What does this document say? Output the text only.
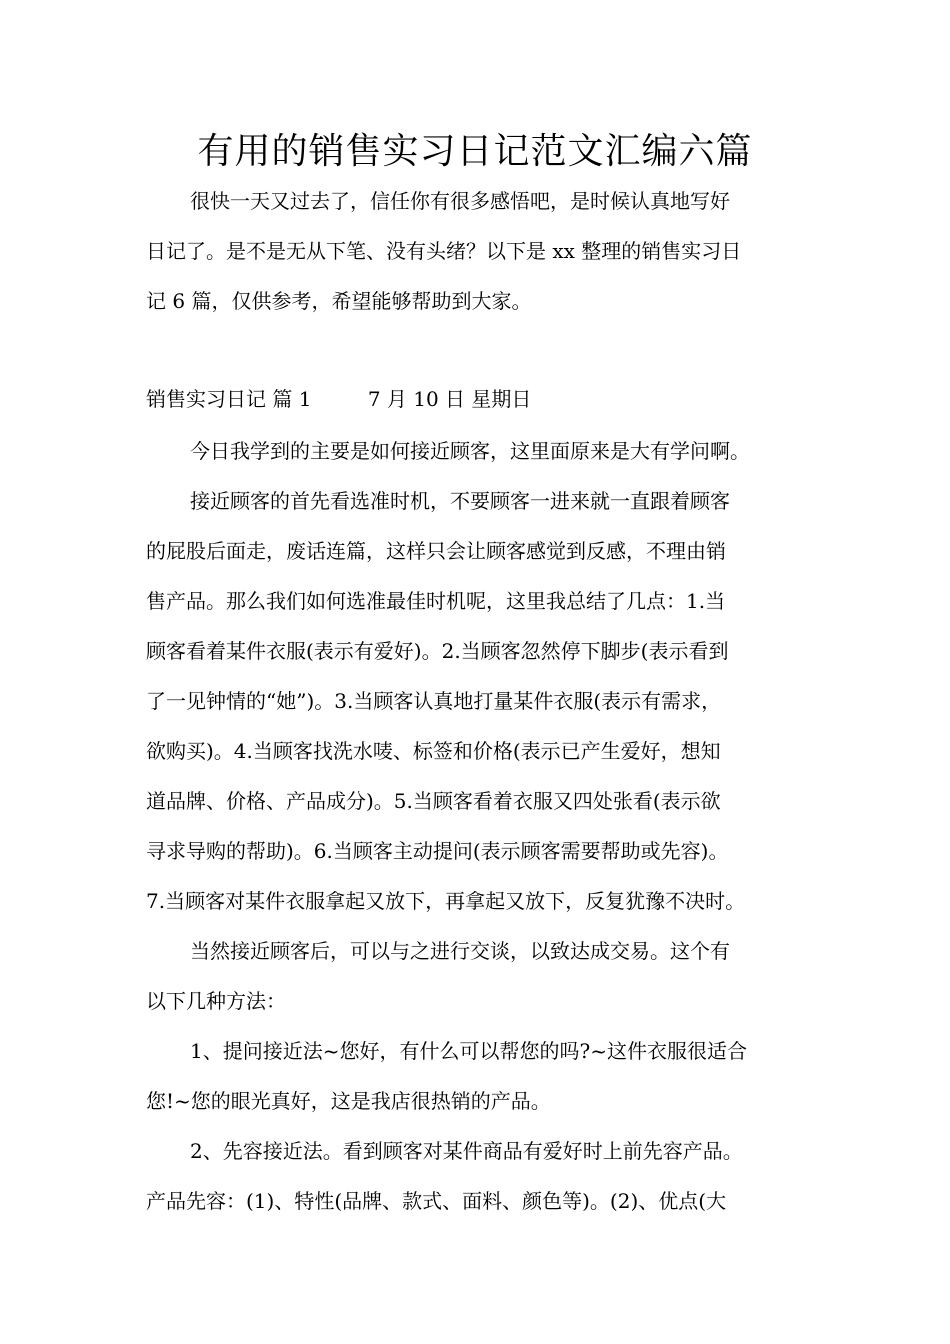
有用的销售实习日记范文汇编六篇
很快一天又过去了，信任你有很多感悟吧，是时候认真地写好
日记了。是不是无从下笔、没有头绪？以下是 xx 整理的销售实习日
记 6 篇，仅供参考，希望能够帮助到大家。
销售实习日记 篇 1	7 月 10 日 星期日
今日我学到的主要是如何接近顾客，这里面原来是大有学问啊。
接近顾客的首先看选准时机，不要顾客一进来就一直跟着顾客
的屁股后面走，废话连篇，这样只会让顾客感觉到反感，不理由销
售产品。那么我们如何选准最佳时机呢，这里我总结了几点：1.当
顾客看着某件衣服(表示有爱好)。2.当顾客忽然停下脚步(表示看到
了一见钟情的“她”)。3.当顾客认真地打量某件衣服(表示有需求，
欲购买)。4.当顾客找洗水唛、标签和价格(表示已产生爱好，想知
道品牌、价格、产品成分)。5.当顾客看着衣服又四处张看(表示欲
寻求导购的帮助)。6.当顾客主动提问(表示顾客需要帮助或先容)。
7.当顾客对某件衣服拿起又放下，再拿起又放下，反复犹豫不决时。
当然接近顾客后，可以与之进行交谈，以致达成交易。这个有
以下几种方法：
1、提问接近法~您好，有什么可以帮您的吗?~这件衣服很适合
您!~您的眼光真好，这是我店很热销的产品。
2、先容接近法。看到顾客对某件商品有爱好时上前先容产品。
产品先容：(1)、特性(品牌、款式、面料、颜色等)。(2)、优点(大
